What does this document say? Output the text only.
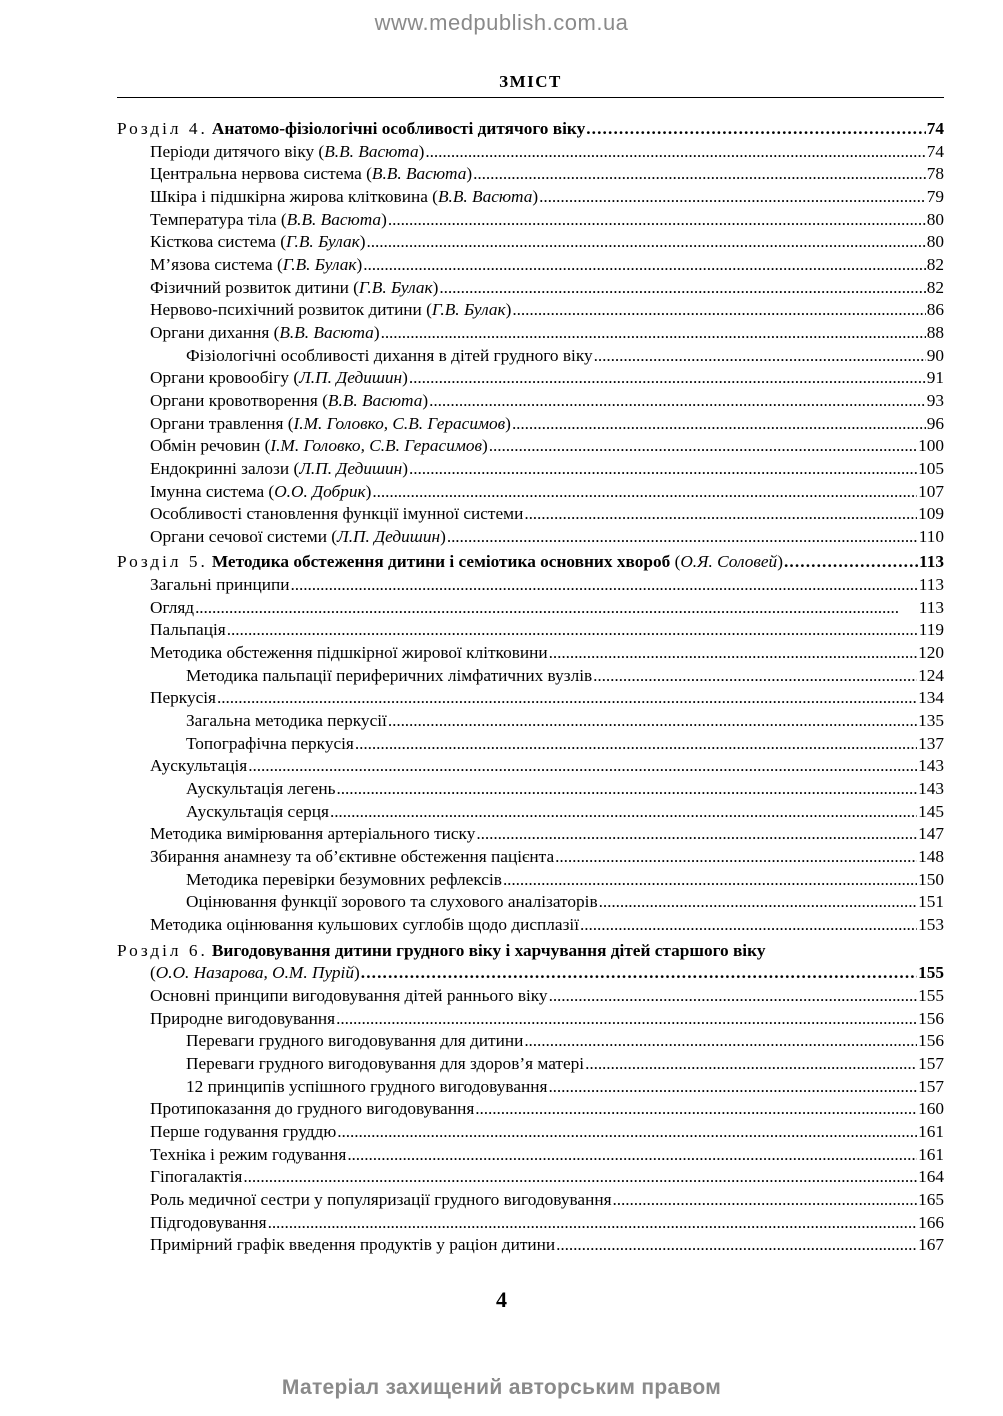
www.medpublish.com.ua
ЗМІСТ
Розділ 4. Анатомо-фізіологічні особливості дитячого віку . . .	74
Періоди дитячого віку (В.В. Васюта) . . .	74
Центральна нервова система (В.В. Васюта) . . .	78
Шкіра і підшкірна жирова клітковина (В.В. Васюта) . . .	79
Температура тіла (В.В. Васюта) . . .	80
Кісткова система (Г.В. Булак) . . .	80
М’язова система (Г.В. Булак) . . .	82
Фізичний розвиток дитини (Г.В. Булак) . . .	82
Нервово-психічний розвиток дитини (Г.В. Булак) . . .	86
Органи дихання (В.В. Васюта) . . .	88
Фізіологічні особливості дихання в дітей грудного віку . . .	90
Органи кровообігу (Л.П. Дедишин) . . .	91
Органи кровотворення (В.В. Васюта) . . .	93
Органи травлення (І.М. Головко, С.В. Герасимов) . . .	96
Обмін речовин (І.М. Головко, С.В. Герасимов) . . .	100
Ендокринні залози (Л.П. Дедишин) . . .	105
Імунна система (О.О. Добрик) . . .	107
Особливості становлення функції імунної системи . . .	109
Органи сечової системи (Л.П. Дедишин) . . .	110
Розділ 5. Методика обстеження дитини і семіотика основних хвороб (О.Я. Соловей) . . .	113
Загальні принципи . . .	113
Огляд . . .	113
Пальпація . . .	119
Методика обстеження підшкірної жирової клітковини . . .	120
Методика пальпації периферичних лімфатичних вузлів . . .	124
Перкусія . . .	134
Загальна методика перкусії . . .	135
Топографічна перкусія . . .	137
Аускультація . . .	143
Аускультація легень . . .	143
Аускультація серця . . .	145
Методика вимірювання артеріального тиску . . .	147
Збирання анамнезу та об’єктивне обстеження пацієнта . . .	148
Методика перевірки безумовних рефлексів . . .	150
Оцінювання функції зорового та слухового аналізаторів . . .	151
Методика оцінювання кульшових суглобів щодо дисплазії . . .	153
Розділ 6. Вигодовування дитини грудного віку і харчування дітей старшого віку
(О.О. Назарова, О.М. Пурій) . . .	155
Основні принципи вигодовування дітей раннього віку . . .	155
Природне вигодовування . . .	156
Переваги грудного вигодовування для дитини . . .	156
Переваги грудного вигодовування для здоров’я матері . . .	157
12 принципів успішного грудного вигодовування . . .	157
Протипоказання до грудного вигодовування . . .	160
Перше годування груддю . . .	161
Техніка і режим годування . . .	161
Гіпогалактія . . .	164
Роль медичної сестри у популяризації грудного вигодовування . . .	165
Підгодовування . . .	166
Примірний графік введення продуктів у раціон дитини . . .	167
4
Матеріал захищений авторським правом
